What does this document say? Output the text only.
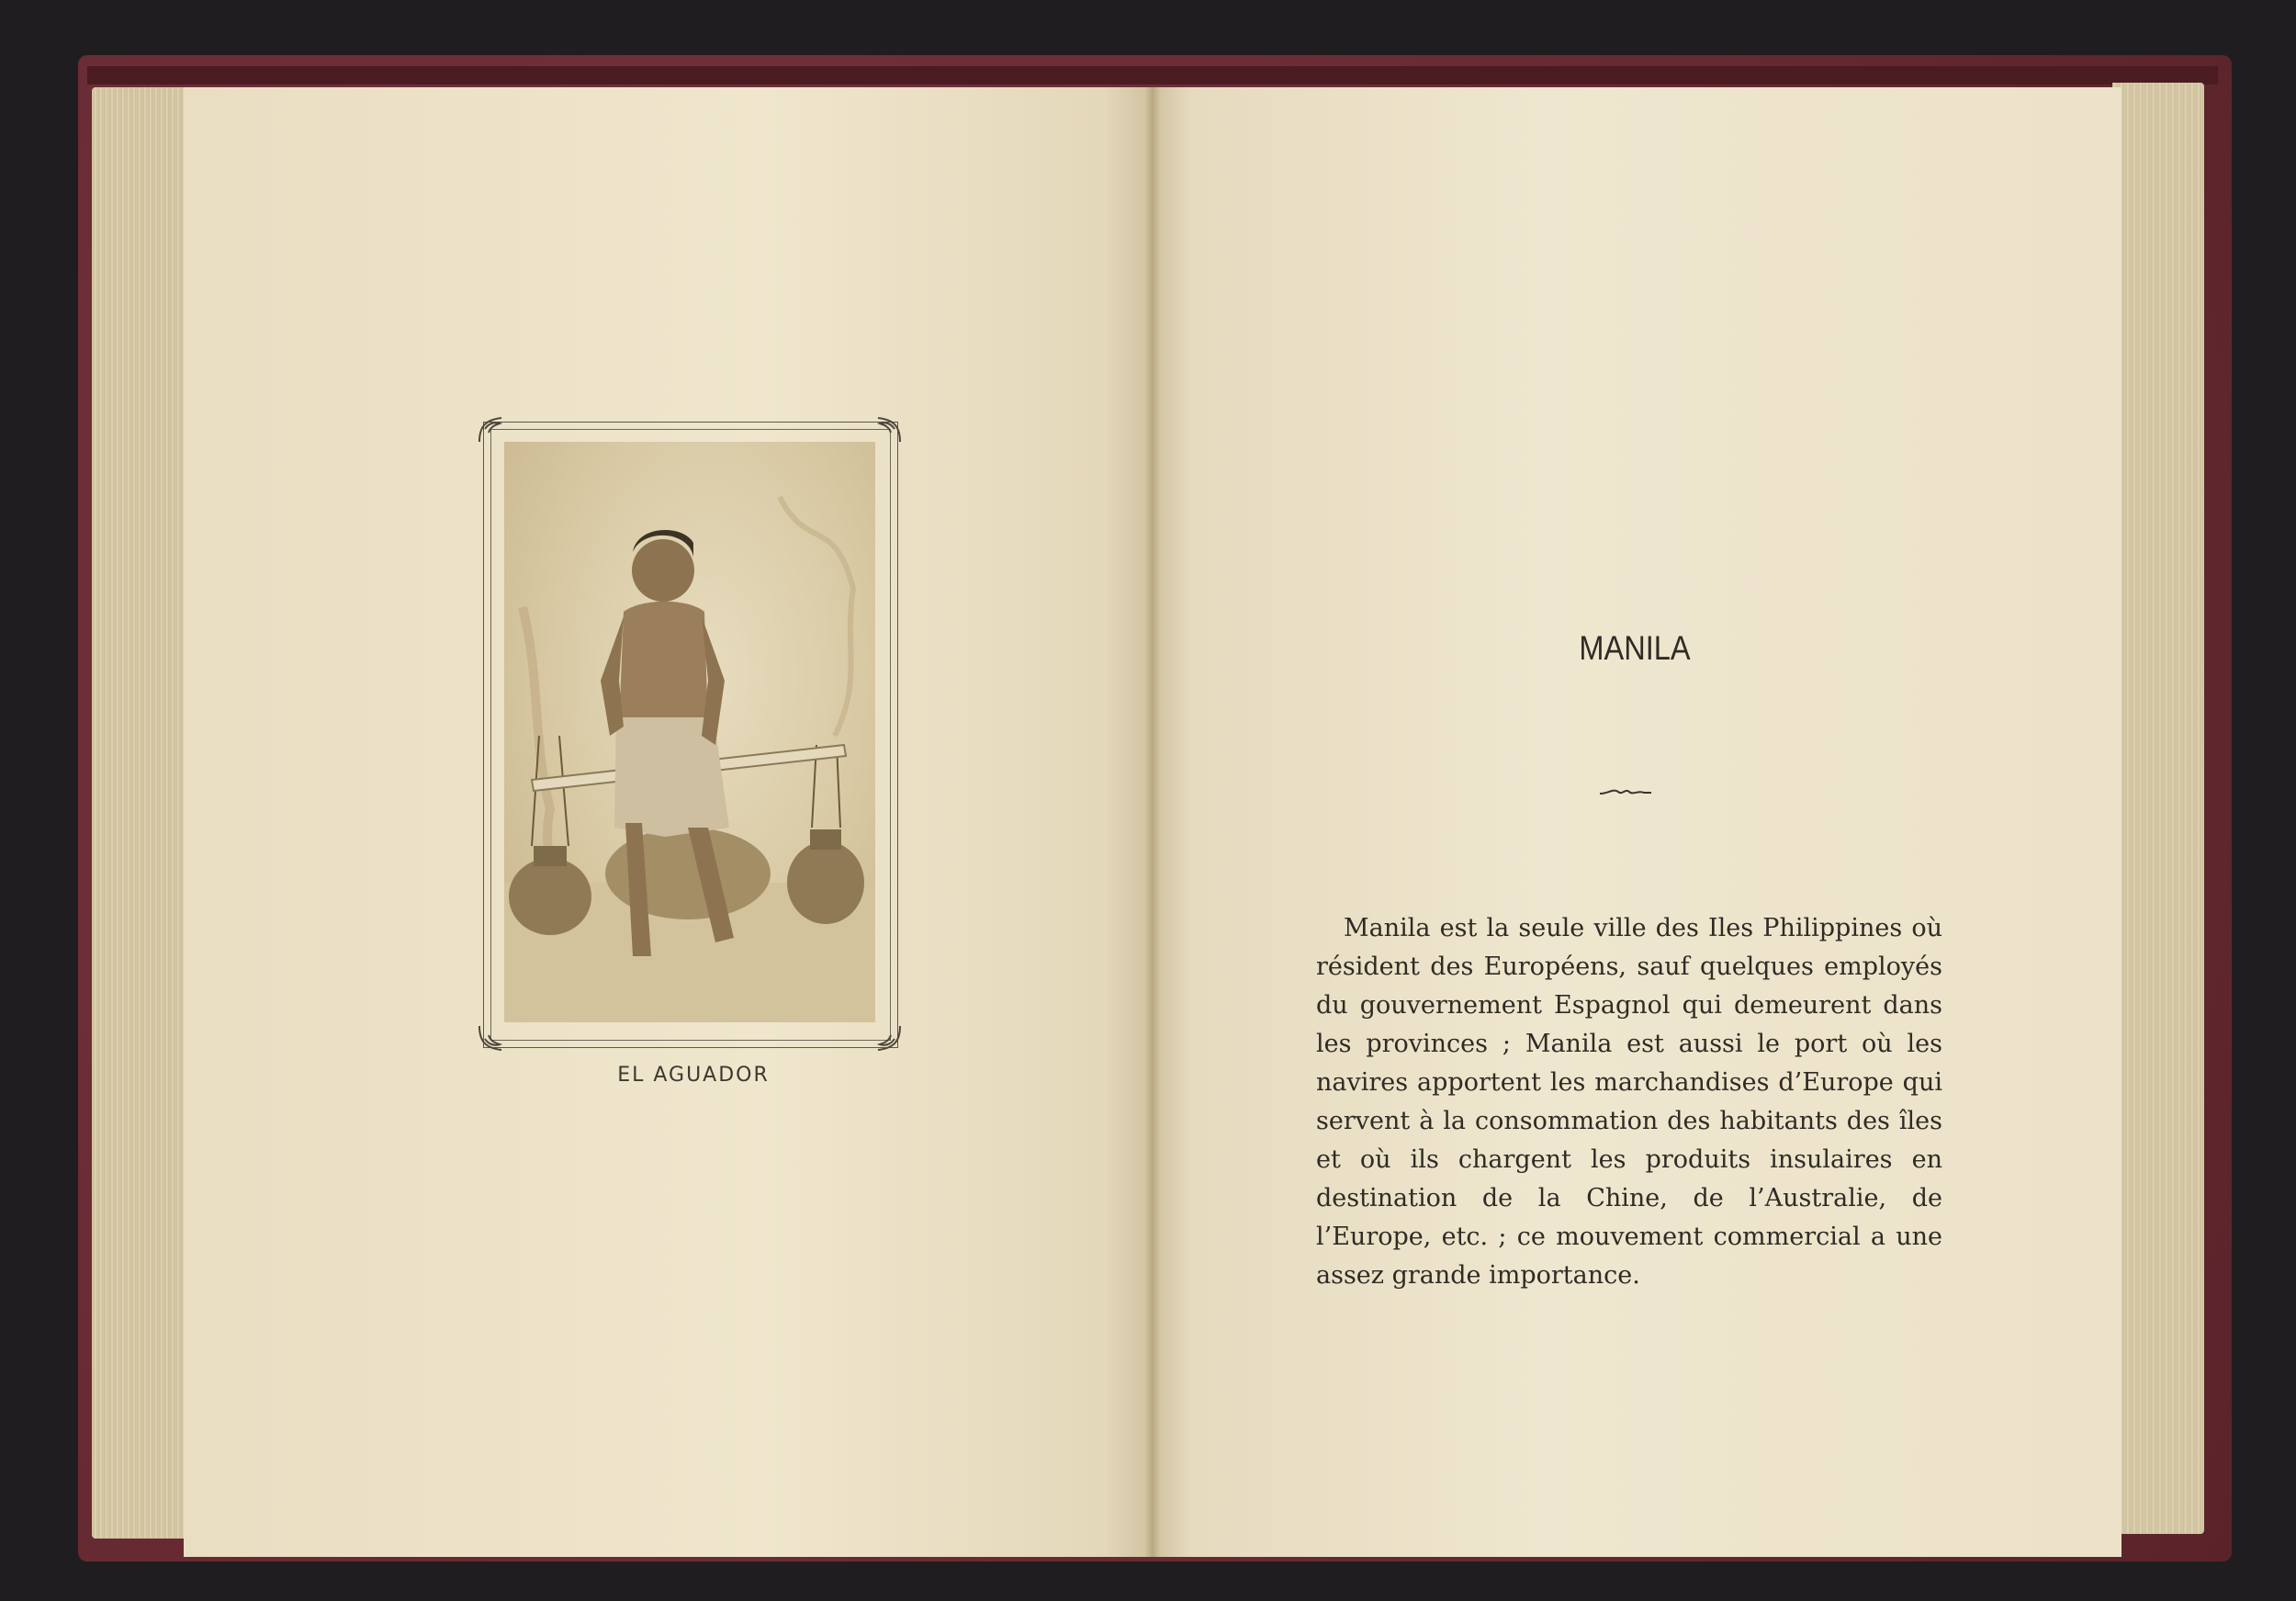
EL AGUADOR
MANILA

Manila est la seule ville des Iles Philippines où résident des Européens, sauf quelques employés du gouvernement Espagnol qui demeurent dans les provinces ; Manila est aussi le port où les navires apportent les marchandises d’Europe qui servent à la consommation des habitants des îles et où ils chargent les produits insulaires en destination de la Chine, de l’Australie, de l’Europe, etc. ; ce mouvement commercial a une assez grande importance.
